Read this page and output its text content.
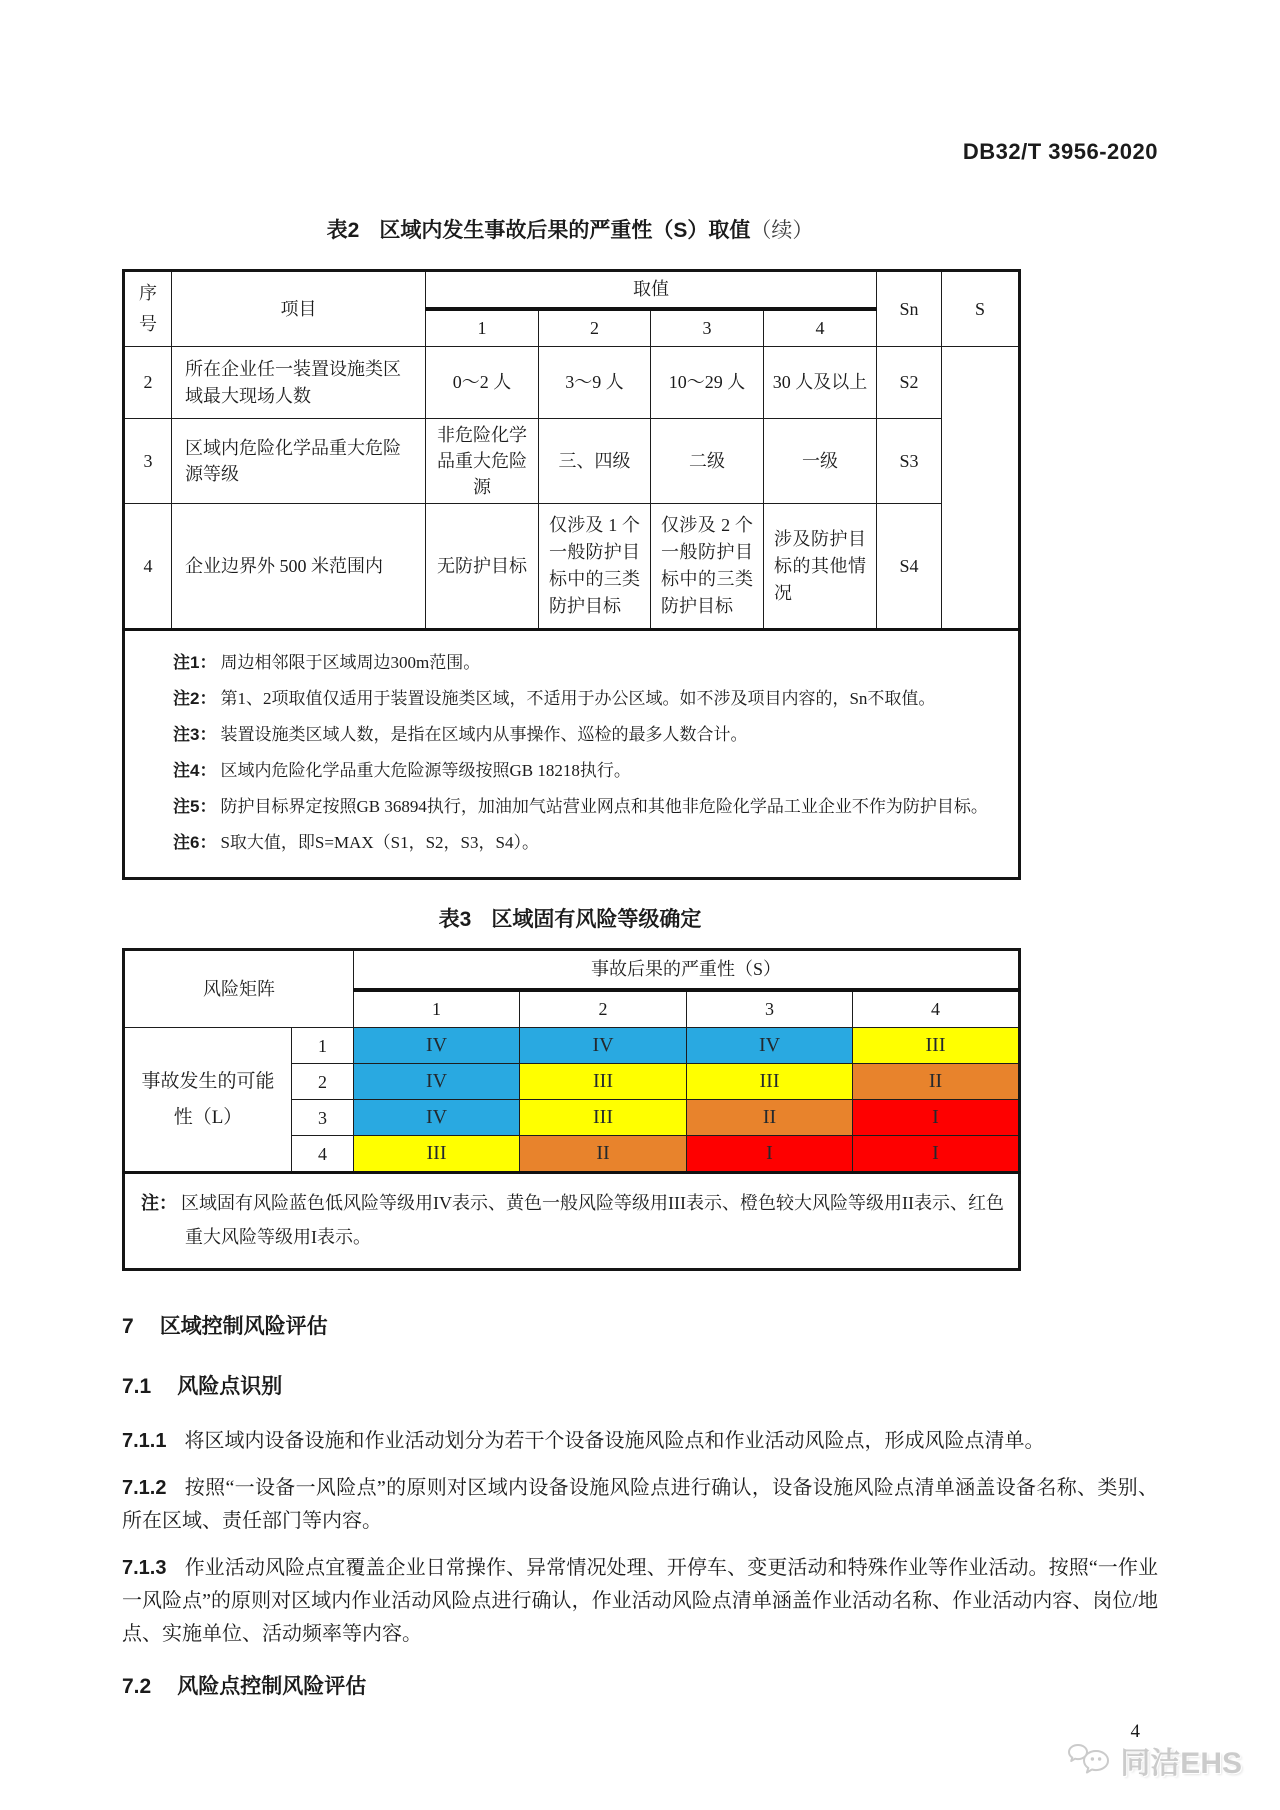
DB32/T 3956-2020
表2 区域内发生事故后果的严重性（S）取值（续）
序号	项目	取值				Sn	S
		1	2	3	4		
2	所在企业任一装置设施类区域最大现场人数	0～2 人	3～9 人	10～29 人	30 人及以上	S2	
3	区域内危险化学品重大危险源等级	非危险化学品重大危险源	三、四级	二级	一级	S3	
4	企业边界外 500 米范围内	无防护目标	仅涉及 1 个一般防护目标中的三类防护目标	仅涉及 2 个一般防护目标中的三类防护目标	涉及防护目标的其他情况	S4	

注1： 周边相邻限于区域周边300m范围。
注2： 第1、2项取值仅适用于装置设施类区域，不适用于办公区域。如不涉及项目内容的，Sn不取值。
注3： 装置设施类区域人数，是指在区域内从事操作、巡检的最多人数合计。
注4： 区域内危险化学品重大危险源等级按照GB 18218执行。
注5： 防护目标界定按照GB 36894执行，加油加气站营业网点和其他非危险化学品工业企业不作为防护目标。
注6： S取大值，即S=MAX（S1，S2，S3，S4）。
表3 区域固有风险等级确定
风险矩阵		事故后果的严重性（S）			
		1	2	3	4
事故发生的可能性（L）	1	IV	IV	IV	III
	2	IV	III	III	II
	3	IV	III	II	I
	4	III	II	I	I
注： 区域固有风险蓝色低风险等级用IV表示、黄色一般风险等级用III表示、橙色较大风险等级用II表示、红色重大风险等级用I表示。					
7 区域控制风险评估
7.1 风险点识别

7.1.1 将区域内设备设施和作业活动划分为若干个设备设施风险点和作业活动风险点，形成风险点清单。

7.1.2 按照“一设备一风险点”的原则对区域内设备设施风险点进行确认，设备设施风险点清单涵盖设备名称、类别、所在区域、责任部门等内容。

7.1.3 作业活动风险点宜覆盖企业日常操作、异常情况处理、开停车、变更活动和特殊作业等作业活动。按照“一作业一风险点”的原则对区域内作业活动风险点进行确认，作业活动风险点清单涵盖作业活动名称、作业活动内容、岗位/地点、实施单位、活动频率等内容。

7.2 风险点控制风险评估
4
同洁EHS
